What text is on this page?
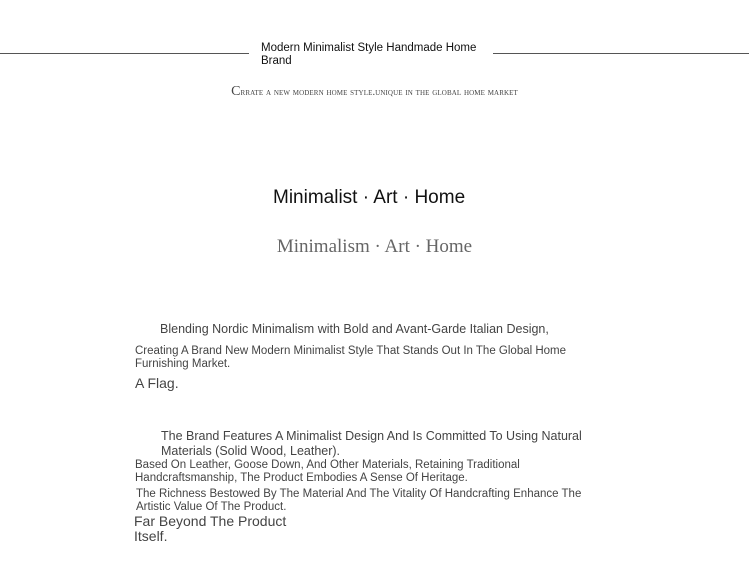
Modern Minimalist Style Handmade Home Brand
Crrate a new modern home style.unique in the global home market
Minimalist · Art · Home
Minimalism · Art · Home
Blending Nordic Minimalism with Bold and Avant-Garde Italian Design,
Creating A Brand New Modern Minimalist Style That Stands Out In The Global Home Furnishing Market.
A Flag.
The Brand Features A Minimalist Design And Is Committed To Using Natural Materials (Solid Wood, Leather).
Based On Leather, Goose Down, And Other Materials, Retaining Traditional Handcraftsmanship, The Product Embodies A Sense Of Heritage.
The Richness Bestowed By The Material And The Vitality Of Handcrafting Enhance The Artistic Value Of The Product.
Far Beyond The Product Itself.
